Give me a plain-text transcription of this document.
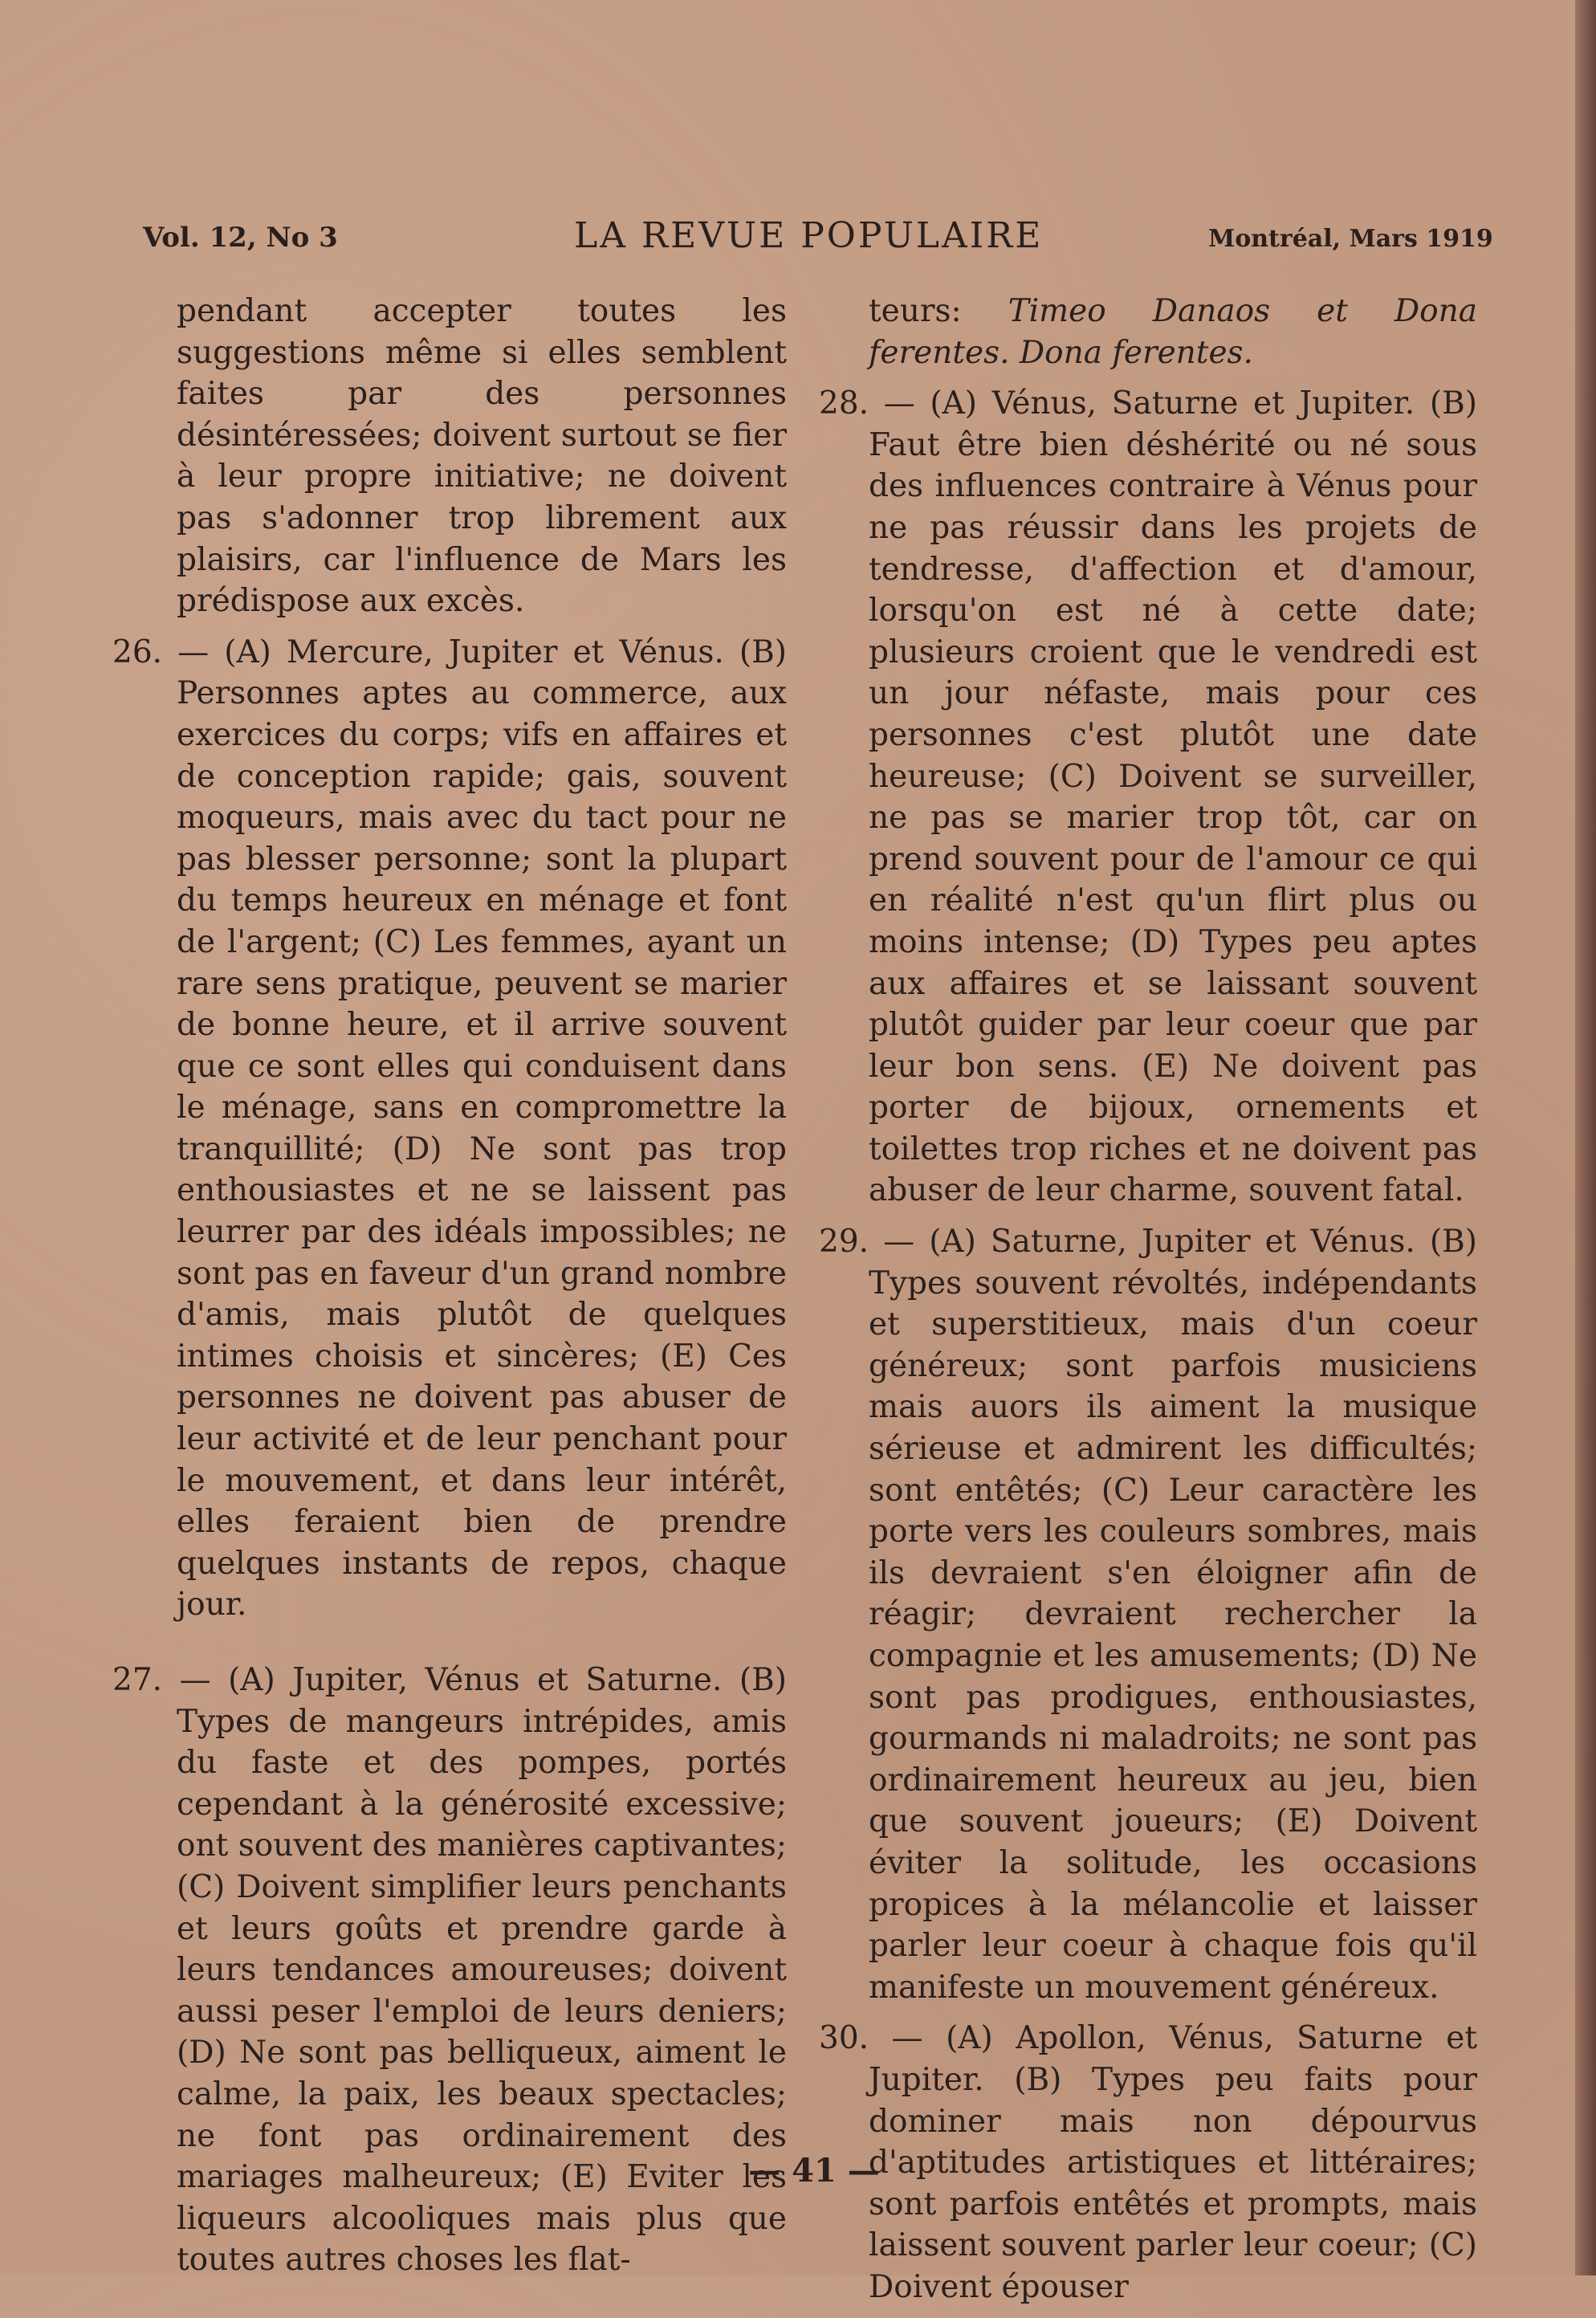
Vol. 12, No 3	LA REVUE POPULAIRE	Montréal, Mars 1919

pendant accepter toutes les suggestions même si elles semblent faites par des personnes désintéressées; doivent surtout se fier à leur propre initiative; ne doivent pas s'adonner trop librement aux plaisirs, car l'influence de Mars les prédispose aux excès.

26. — (A) Mercure, Jupiter et Vénus. (B) Personnes aptes au commerce, aux exercices du corps; vifs en affaires et de conception rapide; gais, souvent moqueurs, mais avec du tact pour ne pas blesser personne; sont la plupart du temps heureux en ménage et font de l'argent; (C) Les femmes, ayant un rare sens pratique, peuvent se marier de bonne heure, et il arrive souvent que ce sont elles qui conduisent dans le ménage, sans en compromettre la tranquillité; (D) Ne sont pas trop enthousiastes et ne se laissent pas leurrer par des idéals impossibles; ne sont pas en faveur d'un grand nombre d'amis, mais plutôt de quelques intimes choisis et sincères; (E) Ces personnes ne doivent pas abuser de leur activité et de leur penchant pour le mouvement, et dans leur intérêt, elles feraient bien de prendre quelques instants de repos, chaque jour.

27. — (A) Jupiter, Vénus et Saturne. (B) Types de mangeurs intrépides, amis du faste et des pompes, portés cependant à la générosité excessive; ont souvent des manières captivantes; (C) Doivent simplifier leurs penchants et leurs goûts et prendre garde à leurs tendances amoureuses; doivent aussi peser l'emploi de leurs deniers; (D) Ne sont pas belliqueux, aiment le calme, la paix, les beaux spectacles; ne font pas ordinairement des mariages malheureux; (E) Eviter les liqueurs alcooliques mais plus que toutes autres choses les flat-

teurs: Timeo Danaos et Dona ferentes. Dona ferentes.

28. — (A) Vénus, Saturne et Jupiter. (B) Faut être bien déshérité ou né sous des influences contraire à Vénus pour ne pas réussir dans les projets de tendresse, d'affection et d'amour, lorsqu'on est né à cette date; plusieurs croient que le vendredi est un jour néfaste, mais pour ces personnes c'est plutôt une date heureuse; (C) Doivent se surveiller, ne pas se marier trop tôt, car on prend souvent pour de l'amour ce qui en réalité n'est qu'un flirt plus ou moins intense; (D) Types peu aptes aux affaires et se laissant souvent plutôt guider par leur coeur que par leur bon sens. (E) Ne doivent pas porter de bijoux, ornements et toilettes trop riches et ne doivent pas abuser de leur charme, souvent fatal.

29. — (A) Saturne, Jupiter et Vénus. (B) Types souvent révoltés, indépendants et superstitieux, mais d'un coeur généreux; sont parfois musiciens mais auors ils aiment la musique sérieuse et admirent les difficultés; sont entêtés; (C) Leur caractère les porte vers les couleurs sombres, mais ils devraient s'en éloigner afin de réagir; devraient rechercher la compagnie et les amusements; (D) Ne sont pas prodigues, enthousiastes, gourmands ni maladroits; ne sont pas ordinairement heureux au jeu, bien que souvent joueurs; (E) Doivent éviter la solitude, les occasions propices à la mélancolie et laisser parler leur coeur à chaque fois qu'il manifeste un mouvement généreux.

30. — (A) Apollon, Vénus, Saturne et Jupiter. (B) Types peu faits pour dominer mais non dépourvus d'aptitudes artistiques et littéraires; sont parfois entêtés et prompts, mais laissent souvent parler leur coeur; (C) Doivent épouser

— 41 —
